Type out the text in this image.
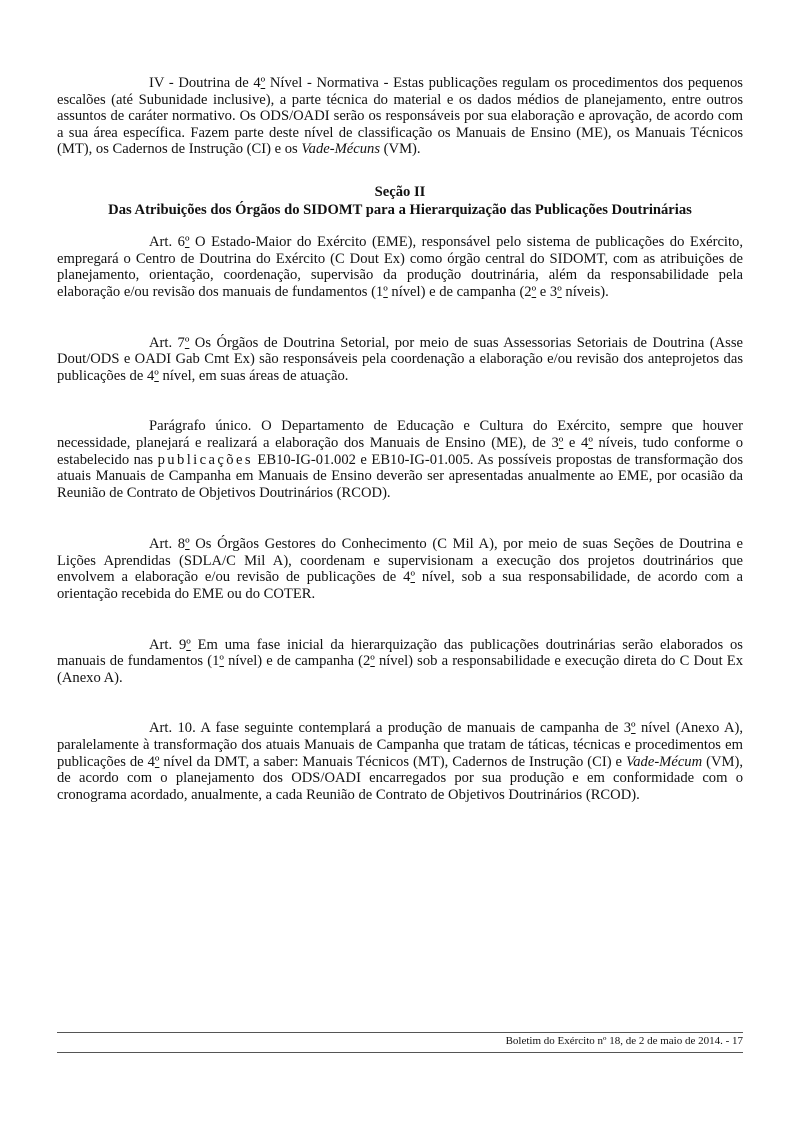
IV - Doutrina de 4º Nível - Normativa - Estas publicações regulam os procedimentos dos pequenos escalões (até Subunidade inclusive), a parte técnica do material e os dados médios de planejamento, entre outros assuntos de caráter normativo. Os ODS/OADI serão os responsáveis por sua elaboração e aprovação, de acordo com a sua área específica. Fazem parte deste nível de classificação os Manuais de Ensino (ME), os Manuais Técnicos (MT), os Cadernos de Instrução (CI) e os Vade-Mécuns (VM).

Seção II

Das Atribuições dos Órgãos do SIDOMT para a Hierarquização das Publicações Doutrinárias

Art. 6º O Estado-Maior do Exército (EME), responsável pelo sistema de publicações do Exército, empregará o Centro de Doutrina do Exército (C Dout Ex) como órgão central do SIDOMT, com as atribuições de planejamento, orientação, coordenação, supervisão da produção doutrinária, além da responsabilidade pela elaboração e/ou revisão dos manuais de fundamentos (1º nível) e de campanha (2º e 3º níveis).

Art. 7º Os Órgãos de Doutrina Setorial, por meio de suas Assessorias Setoriais de Doutrina (Asse Dout/ODS e OADI Gab Cmt Ex) são responsáveis pela coordenação a elaboração e/ou revisão dos anteprojetos das publicações de 4º nível, em suas áreas de atuação.

Parágrafo único. O Departamento de Educação e Cultura do Exército, sempre que houver necessidade, planejará e realizará a elaboração dos Manuais de Ensino (ME), de 3º e 4º níveis, tudo conforme o estabelecido nas publicações EB10-IG-01.002 e EB10-IG-01.005. As possíveis propostas de transformação dos atuais Manuais de Campanha em Manuais de Ensino deverão ser apresentadas anualmente ao EME, por ocasião da Reunião de Contrato de Objetivos Doutrinários (RCOD).

Art. 8º Os Órgãos Gestores do Conhecimento (C Mil A), por meio de suas Seções de Doutrina e Lições Aprendidas (SDLA/C Mil A), coordenam e supervisionam a execução dos projetos doutrinários que envolvem a elaboração e/ou revisão de publicações de 4º nível, sob a sua responsabilidade, de acordo com a orientação recebida do EME ou do COTER.

Art. 9º Em uma fase inicial da hierarquização das publicações doutrinárias serão elaborados os manuais de fundamentos (1º nível) e de campanha (2º nível) sob a responsabilidade e execução direta do C Dout Ex (Anexo A).

Art. 10. A fase seguinte contemplará a produção de manuais de campanha de 3º nível (Anexo A), paralelamente à transformação dos atuais Manuais de Campanha que tratam de táticas, técnicas e procedimentos em publicações de 4º nível da DMT, a saber: Manuais Técnicos (MT), Cadernos de Instrução (CI) e Vade-Mécum (VM), de acordo com o planejamento dos ODS/OADI encarregados por sua produção e em conformidade com o cronograma acordado, anualmente, a cada Reunião de Contrato de Objetivos Doutrinários (RCOD).

Boletim do Exército nº 18, de 2 de maio de 2014. - 17
